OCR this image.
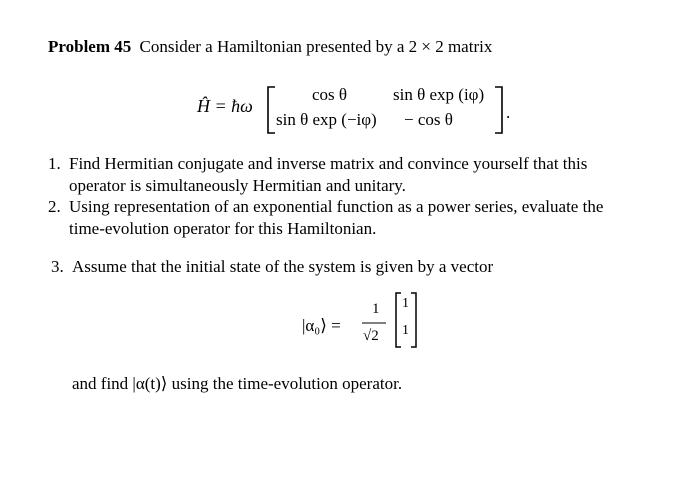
Problem 45 Consider a Hamiltonian presented by a 2 × 2 matrix
Ĥ = ħω
cos θ	sin θ exp (iφ)
sin θ exp (−iφ) − cos θ	.
1. Find Hermitian conjugate and inverse matrix and convince yourself that this
operator is simultaneously Hermitian and unitary.
2. Using representation of an exponential function as a power series, evaluate the
time-evolution operator for this Hamiltonian.
3. Assume that the initial state of the system is given by a vector
|α₀⟩ =
1
√2
1
1
and find |α(t)⟩ using the time-evolution operator.
